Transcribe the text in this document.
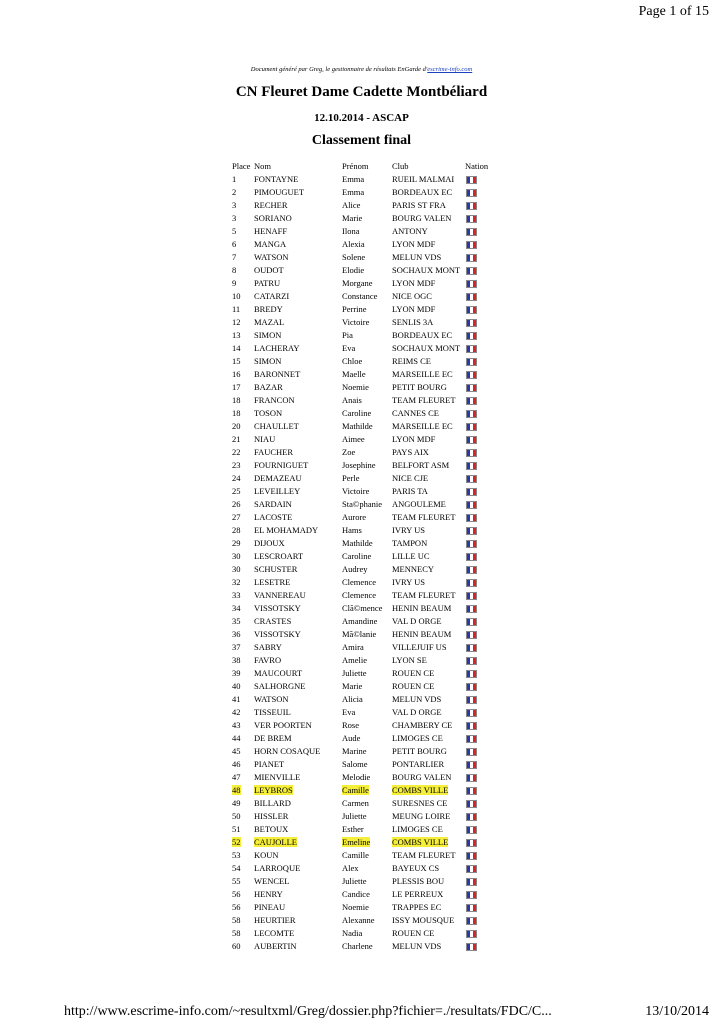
Page 1 of 15
Document généré par Greg, le gestionnaire de résultats EnGarde d'escrime-info.com
CN Fleuret Dame Cadette Montbéliard
12.10.2014 - ASCAP
Classement final
Place	Nom	Prénom	Club	Nation
1	FONTAYNE	Emma	RUEIL MALMAI	
2	PIMOUGUET	Emma	BORDEAUX EC	
3	RECHER	Alice	PARIS ST FRA	
3	SORIANO	Marie	BOURG VALEN	
5	HENAFF	Ilona	ANTONY	
6	MANGA	Alexia	LYON MDF	
7	WATSON	Solene	MELUN VDS	
8	OUDOT	Elodie	SOCHAUX MONT	
9	PATRU	Morgane	LYON MDF	
10	CATARZI	Constance	NICE OGC	
11	BREDY	Perrine	LYON MDF	
12	MAZAL	Victoire	SENLIS 3A	
13	SIMON	Pia	BORDEAUX EC	
14	LACHERAY	Eva	SOCHAUX MONT	
15	SIMON	Chloe	REIMS CE	
16	BARONNET	Maelle	MARSEILLE EC	
17	BAZAR	Noemie	PETIT BOURG	
18	FRANCON	Anais	TEAM FLEURET	
18	TOSON	Caroline	CANNES CE	
20	CHAULLET	Mathilde	MARSEILLE EC	
21	NIAU	Aimee	LYON MDF	
22	FAUCHER	Zoe	PAYS AIX	
23	FOURNIGUET	Josephine	BELFORT ASM	
24	DEMAZEAU	Perle	NICE CJE	
25	LEVEILLEY	Victoire	PARIS TA	
26	SARDAIN	Sta©phanie	ANGOULEME	
27	LACOSTE	Aurore	TEAM FLEURET	
28	EL MOHAMADY	Hams	IVRY US	
29	DIJOUX	Mathilde	TAMPON	
30	LESCROART	Caroline	LILLE UC	
30	SCHUSTER	Audrey	MENNECY	
32	LESETRE	Clemence	IVRY US	
33	VANNEREAU	Clemence	TEAM FLEURET	
34	VISSOTSKY	Clã©mence	HENIN BEAUM	
35	CRASTES	Amandine	VAL D ORGE	
36	VISSOTSKY	Mã©lanie	HENIN BEAUM	
37	SABRY	Amira	VILLEJUIF US	
38	FAVRO	Amelie	LYON SE	
39	MAUCOURT	Juliette	ROUEN CE	
40	SALHORGNE	Marie	ROUEN CE	
41	WATSON	Alicia	MELUN VDS	
42	TISSEUIL	Eva	VAL D ORGE	
43	VER POORTEN	Rose	CHAMBERY CE	
44	DE BREM	Aude	LIMOGES CE	
45	HORN COSAQUE	Marine	PETIT BOURG	
46	PIANET	Salome	PONTARLIER	
47	MIENVILLE	Melodie	BOURG VALEN	
48	LEYBROS	Camille	COMBS VILLE	
49	BILLARD	Carmen	SURESNES CE	
50	HISSLER	Juliette	MEUNG LOIRE	
51	BETOUX	Esther	LIMOGES CE	
52	CAUJOLLE	Emeline	COMBS VILLE	
53	KOUN	Camille	TEAM FLEURET	
54	LARROQUE	Alex	BAYEUX CS	
55	WENCEL	Juliette	PLESSIS BOU	
56	HENRY	Candice	LE PERREUX	
56	PINEAU	Noemie	TRAPPES EC	
58	HEURTIER	Alexanne	ISSY MOUSQUE	
58	LECOMTE	Nadia	ROUEN CE	
60	AUBERTIN	Charlene	MELUN VDS	
http://www.escrime-info.com/~resultxml/Greg/dossier.php?fichier=./resultats/FDC/C...	13/10/2014
